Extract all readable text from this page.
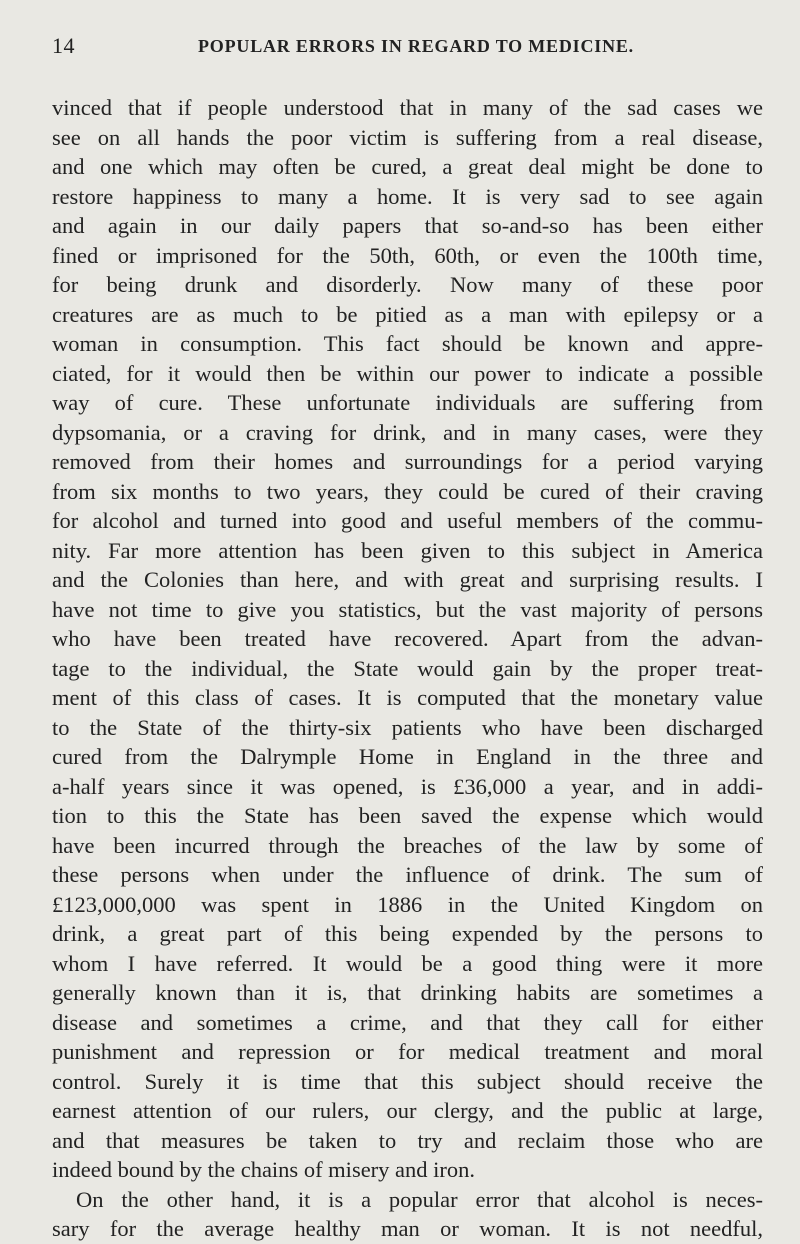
14	POPULAR ERRORS IN REGARD TO MEDICINE.
vinced that if people understood that in many of the sad cases we
see on all hands the poor victim is suffering from a real disease,
and one which may often be cured, a great deal might be done to
restore happiness to many a home. It is very sad to see again
and again in our daily papers that so-and-so has been either
fined or imprisoned for the 50th, 60th, or even the 100th time,
for being drunk and disorderly. Now many of these poor
creatures are as much to be pitied as a man with epilepsy or a
woman in consumption. This fact should be known and appre-
ciated, for it would then be within our power to indicate a possible
way of cure. These unfortunate individuals are suffering from
dypsomania, or a craving for drink, and in many cases, were they
removed from their homes and surroundings for a period varying
from six months to two years, they could be cured of their craving
for alcohol and turned into good and useful members of the commu-
nity. Far more attention has been given to this subject in America
and the Colonies than here, and with great and surprising results. I
have not time to give you statistics, but the vast majority of persons
who have been treated have recovered. Apart from the advan-
tage to the individual, the State would gain by the proper treat-
ment of this class of cases. It is computed that the monetary value
to the State of the thirty-six patients who have been discharged
cured from the Dalrymple Home in England in the three and
a-half years since it was opened, is £36,000 a year, and in addi-
tion to this the State has been saved the expense which would
have been incurred through the breaches of the law by some of
these persons when under the influence of drink. The sum of
£123,000,000 was spent in 1886 in the United Kingdom on
drink, a great part of this being expended by the persons to
whom I have referred. It would be a good thing were it more
generally known than it is, that drinking habits are sometimes a
disease and sometimes a crime, and that they call for either
punishment and repression or for medical treatment and moral
control. Surely it is time that this subject should receive the
earnest attention of our rulers, our clergy, and the public at large,
and that measures be taken to try and reclaim those who are
indeed bound by the chains of misery and iron.
On the other hand, it is a popular error that alcohol is neces-
sary for the average healthy man or woman. It is not needful,
